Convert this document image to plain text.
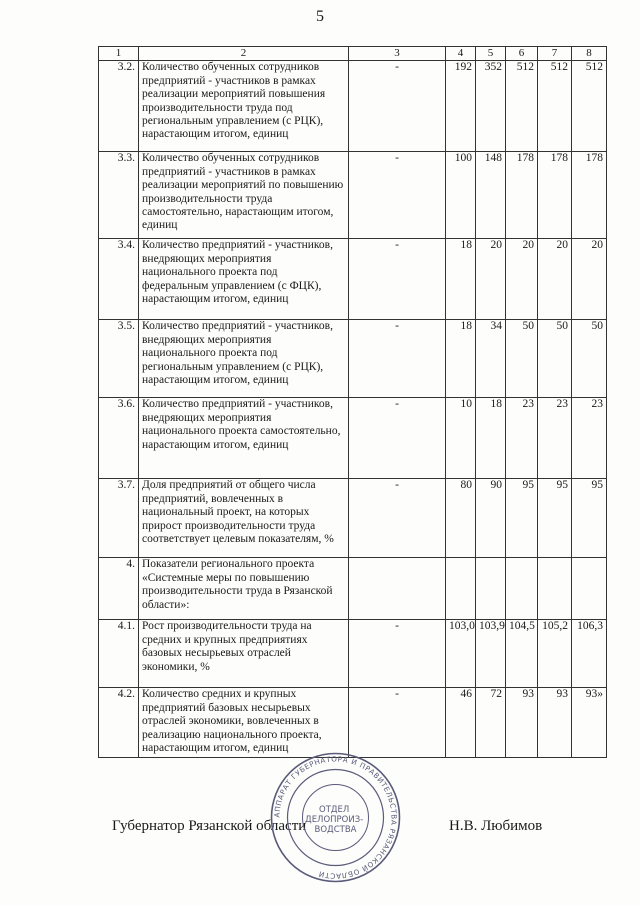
5
1	2	3	4	5	6	7	8
3.2.	Количество обученных сотрудников предприятий - участников в рамках реализации мероприятий повышения производительности труда под региональным управлением (с РЦК), нарастающим итогом, единиц	-	192	352	512	512	512
3.3.	Количество обученных сотрудников предприятий - участников в рамках реализации мероприятий по повышению производительности труда самостоятельно, нарастающим итогом, единиц	-	100	148	178	178	178
3.4.	Количество предприятий - участников, внедряющих мероприятия национального проекта под федеральным управлением (с ФЦК), нарастающим итогом, единиц	-	18	20	20	20	20
3.5.	Количество предприятий - участников, внедряющих мероприятия национального проекта под региональным управлением (с РЦК), нарастающим итогом, единиц	-	18	34	50	50	50
3.6.	Количество предприятий - участников, внедряющих мероприятия национального проекта самостоятельно, нарастающим итогом, единиц	-	10	18	23	23	23
3.7.	Доля предприятий от общего числа предприятий, вовлеченных в национальный проект, на которых прирост производительности труда соответствует целевым показателям, %	-	80	90	95	95	95
4.	Показатели регионального проекта «Системные меры по повышению производительности труда в Рязанской области»:						
4.1.	Рост производительности труда на средних и крупных предприятиях базовых несырьевых отраслей экономики, %	-	103,0	103,9	104,5	105,2	106,3
4.2.	Количество средних и крупных предприятий базовых несырьевых отраслей экономики, вовлеченных в реализацию национального проекта, нарастающим итогом, единиц	-	46	72	93	93	93»
Губернатор Рязанской области	Н.В. Любимов
АППАРАТ ГУБЕРНАТОРА И ПРАВИТЕЛЬСТВА РЯЗАНСКОЙ ОБЛАСТИ
ОТДЕЛ ДЕЛОПРОИЗ- ВОДСТВА
